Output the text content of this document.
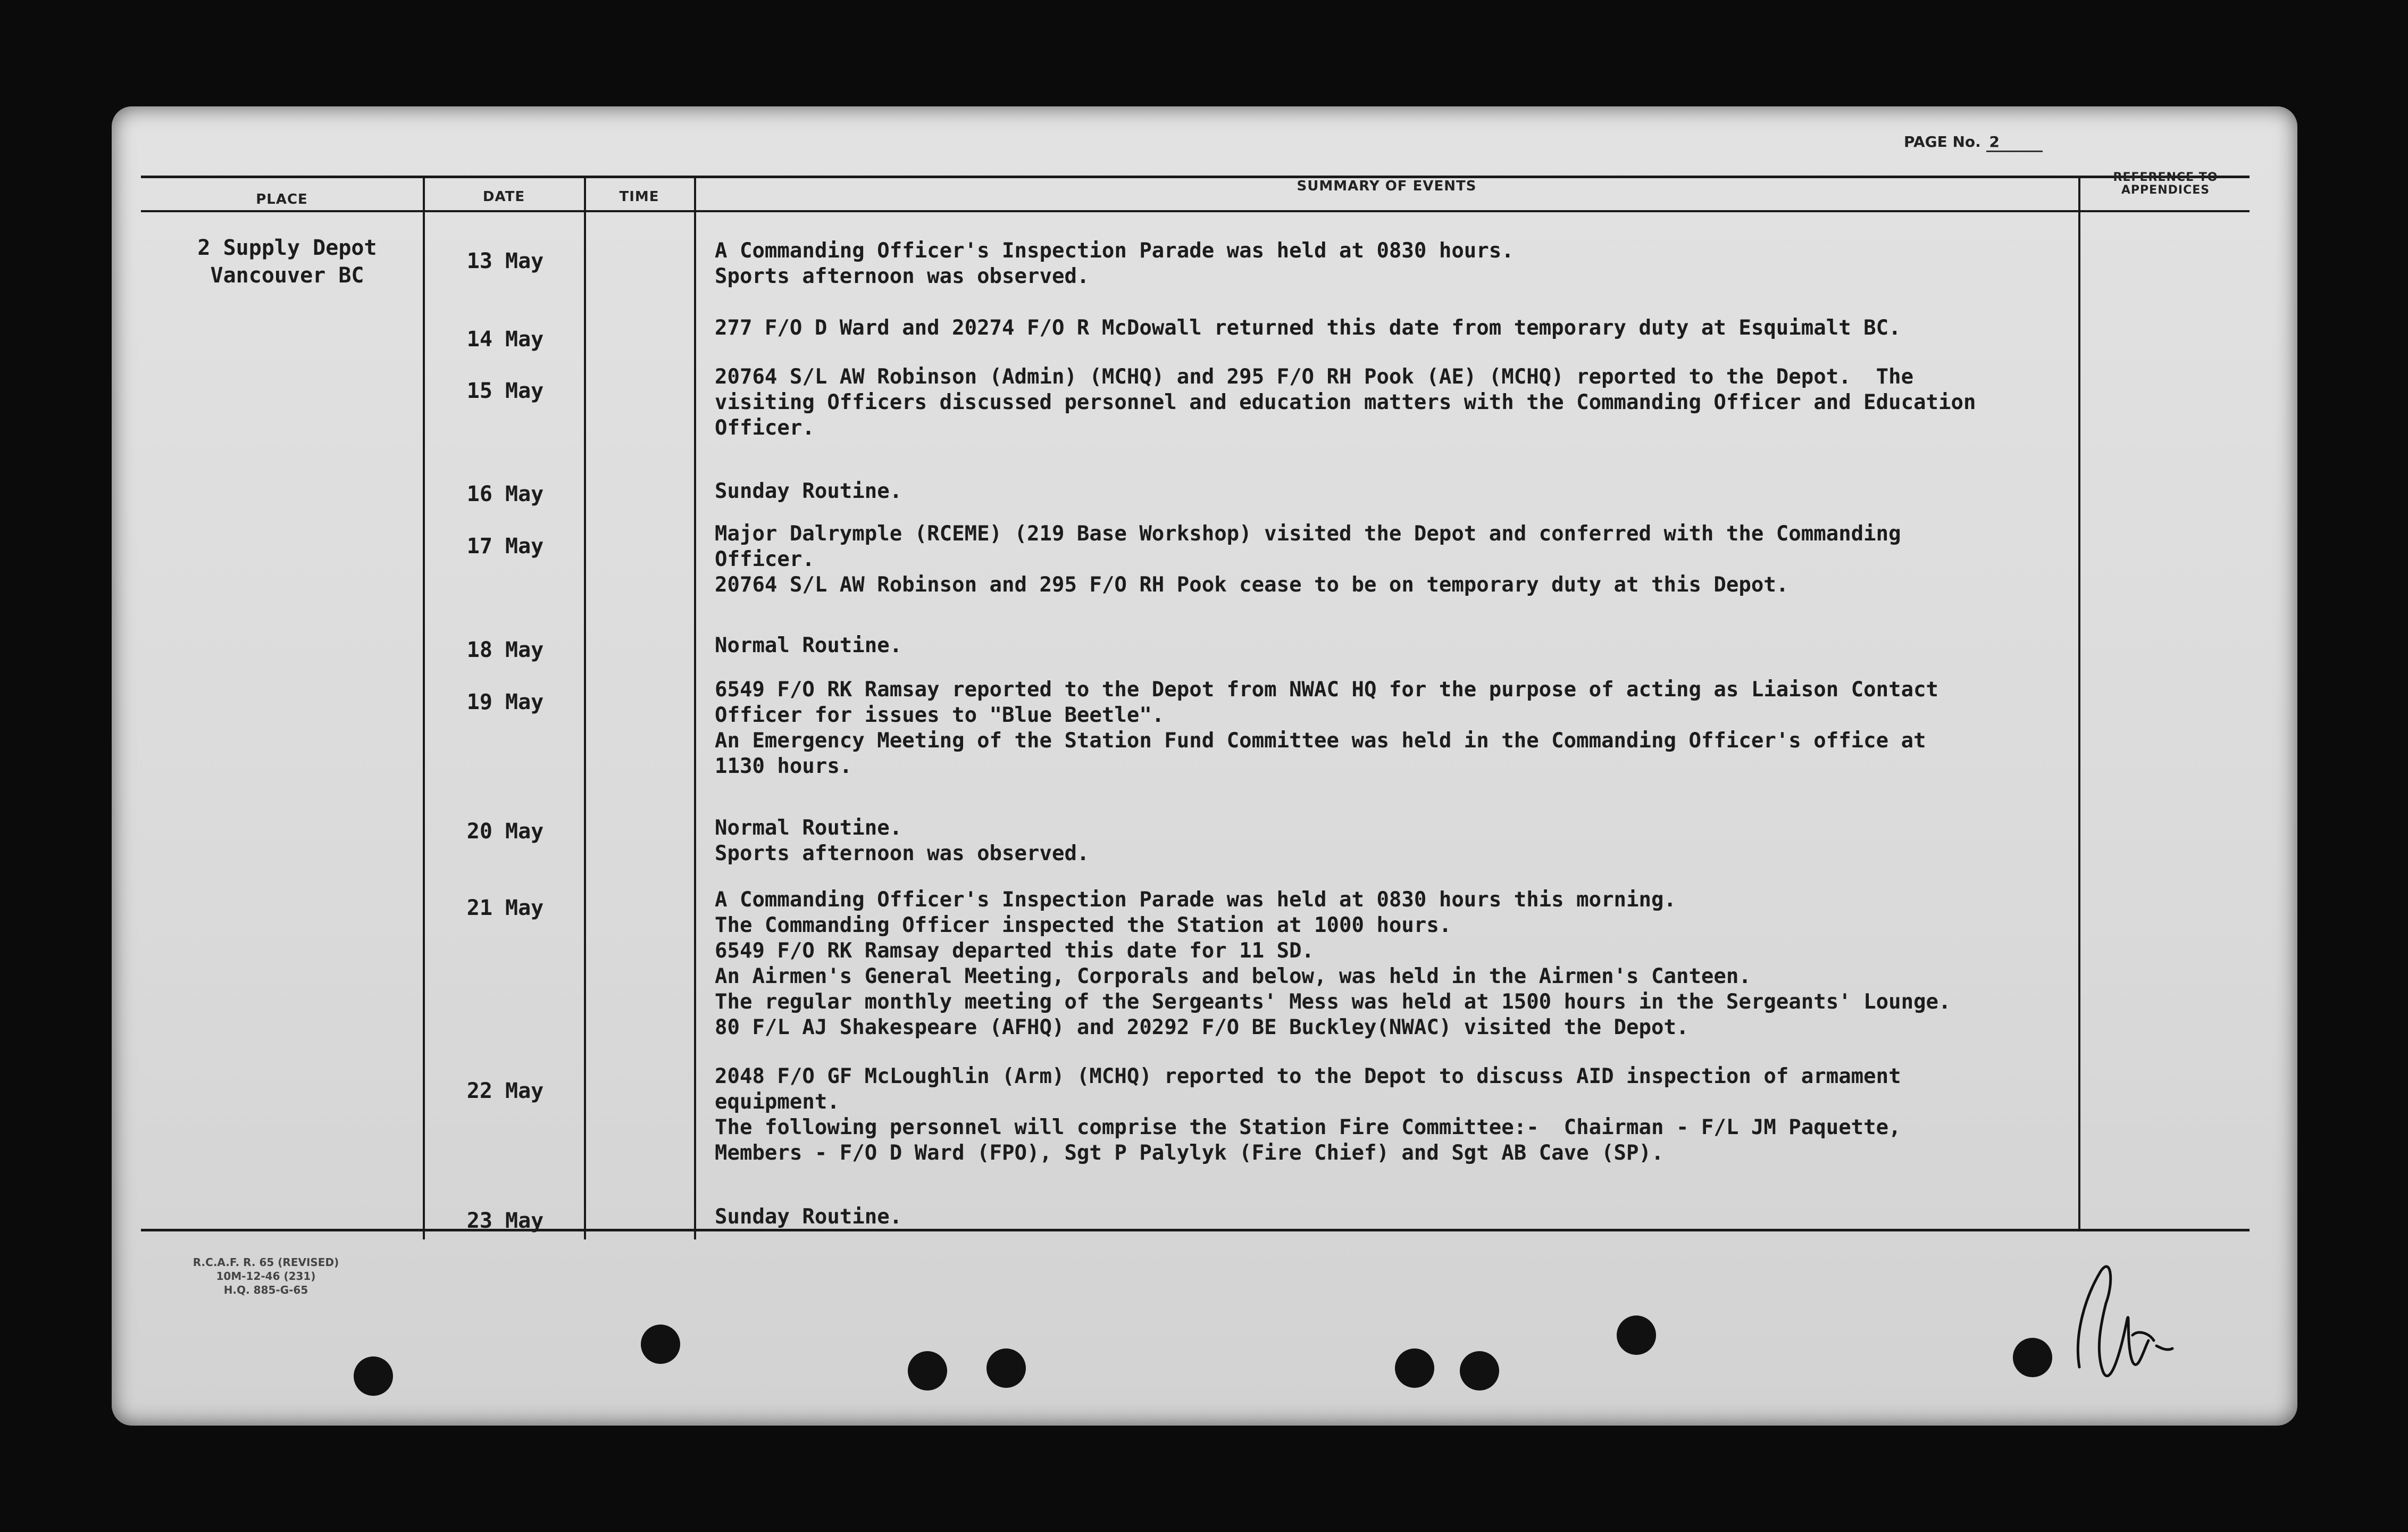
PAGE No. 2
PLACE	DATE	TIME
SUMMARY OF EVENTS
REFERENCE TO
APPENDICES
2 Supply Depot
Vancouver BC
13 May
14 May
15 May
16 May
17 May
18 May
19 May
20 May
21 May
22 May
23 May
A Commanding Officer's Inspection Parade was held at 0830 hours.
Sports afternoon was observed.
277 F/O D Ward and 20274 F/O R McDowall returned this date from temporary duty at Esquimalt BC.
20764 S/L AW Robinson (Admin) (MCHQ) and 295 F/O RH Pook (AE) (MCHQ) reported to the Depot.  The
visiting Officers discussed personnel and education matters with the Commanding Officer and Education
Officer.
Sunday Routine.
Major Dalrymple (RCEME) (219 Base Workshop) visited the Depot and conferred with the Commanding
Officer.
20764 S/L AW Robinson and 295 F/O RH Pook cease to be on temporary duty at this Depot.
Normal Routine.
6549 F/O RK Ramsay reported to the Depot from NWAC HQ for the purpose of acting as Liaison Contact
Officer for issues to "Blue Beetle".
An Emergency Meeting of the Station Fund Committee was held in the Commanding Officer's office at
1130 hours.
Normal Routine.
Sports afternoon was observed.
A Commanding Officer's Inspection Parade was held at 0830 hours this morning.
The Commanding Officer inspected the Station at 1000 hours.
6549 F/O RK Ramsay departed this date for 11 SD.
An Airmen's General Meeting, Corporals and below, was held in the Airmen's Canteen.
The regular monthly meeting of the Sergeants' Mess was held at 1500 hours in the Sergeants' Lounge.
80 F/L AJ Shakespeare (AFHQ) and 20292 F/O BE Buckley(NWAC) visited the Depot.
2048 F/O GF McLoughlin (Arm) (MCHQ) reported to the Depot to discuss AID inspection of armament
equipment.
The following personnel will comprise the Station Fire Committee:-  Chairman - F/L JM Paquette,
Members - F/O D Ward (FPO), Sgt P Palylyk (Fire Chief) and Sgt AB Cave (SP).
Sunday Routine.
R.C.A.F. R. 65 (REVISED)
10M-12-46 (231)
H.Q. 885-G-65
